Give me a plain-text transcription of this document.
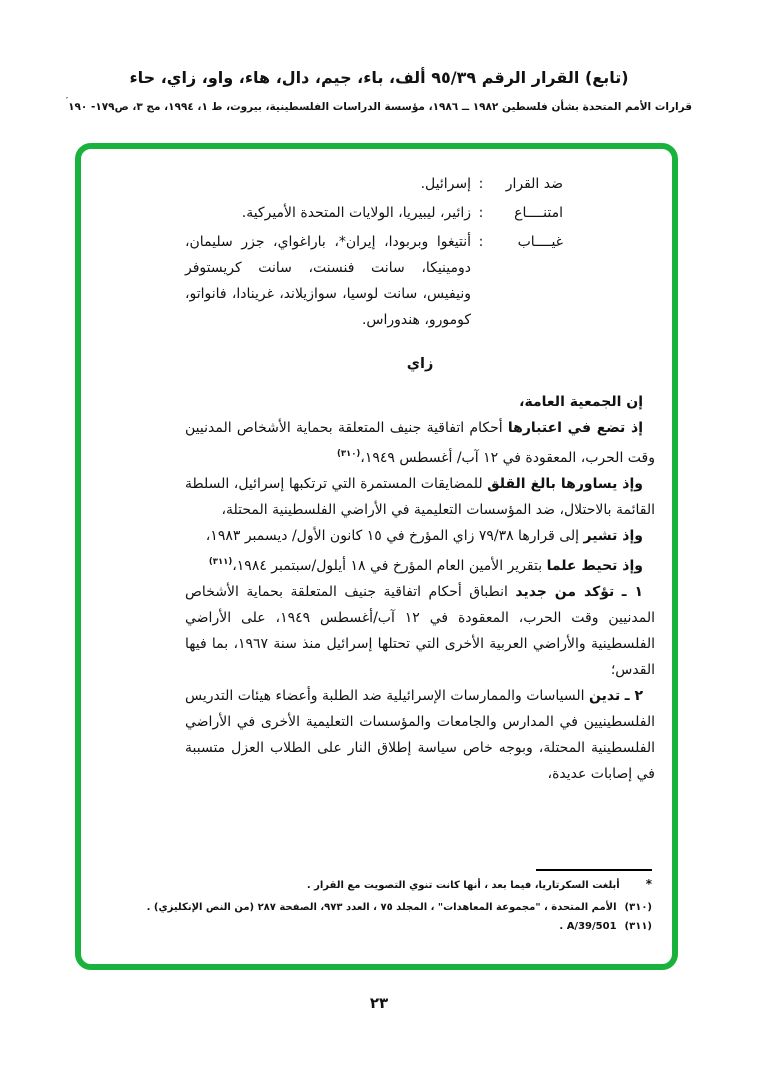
(تابع) القرار الرقم ٩٥/٣٩ ألف، باء، جيم، دال، هاء، واو، زاي، حاء
قرارات الأمم المتحدة بشأن فلسطين ١٩٨٢ ــ ١٩٨٦، مؤسسة الدراسات الفلسطينية، بيروت، ط ١، ١٩٩٤، مج ٣، ص١٧٩- ١٩٠′
ضد القرار
:
إسرائيل.
امتنــــاع
:
زائير، ليبيريا، الولايات المتحدة الأميركية.
غيــــاب
:
أنتيغوا وبربودا، إيران*، باراغواي، جزر سليمان، دومينيكا، سانت فنسنت، سانت كريستوفر ونيفيس، سانت لوسيا، سوازيلاند، غرينادا، فانواتو، كومورو، هندوراس.
زاي

إن الجمعية العامة،

إذ تضع في اعتبارها أحكام اتفاقية جنيف المتعلقة بحماية الأشخاص المدنيين وقت الحرب، المعقودة في ١٢ آب/ أغسطس ١٩٤٩،$^{(٣١٠)}$

وإذ يساورها بالغ القلق للمضايقات المستمرة التي ترتكبها إسرائيل، السلطة القائمة بالاحتلال، ضد المؤسسات التعليمية في الأراضي الفلسطينية المحتلة،

وإذ تشير إلى قرارها ٧٩/٣٨ زاي المؤرخ في ١٥ كانون الأول/ ديسمبر ١٩٨٣،

وإذ تحيط علما بتقرير الأمين العام المؤرخ في ١٨ أيلول/سبتمبر ١٩٨٤،$^{(٣١١)}$

١ ـ تؤكد من جديد انطباق أحكام اتفاقية جنيف المتعلقة بحماية الأشخاص المدنيين وقت الحرب، المعقودة في ١٢ آب/أغسطس ١٩٤٩، على الأراضي الفلسطينية والأراضي العربية الأخرى التي تحتلها إسرائيل منذ سنة ١٩٦٧، بما فيها القدس؛

٢ ـ تدين السياسات والممارسات الإسرائيلية ضد الطلبة وأعضاء هيئات التدريس الفلسطينيين في المدارس والجامعات والمؤسسات التعليمية الأخرى في الأراضي الفلسطينية المحتلة، وبوجه خاص سياسة إطلاق النار على الطلاب العزل متسببة في إصابات عديدة،

*
أبلغت السكرتاريا، فيما بعد ، أنها كانت تنوي التصويت مع القرار .
(٣١٠)
الأمم المتحدة ، "مجموعة المعاهدات" ، المجلد ٧٥ ، العدد ٩٧٣، الصفحة ٢٨٧ (من النص الإنكليزي) .
(٣١١)
A/39/501 .
٢٣
